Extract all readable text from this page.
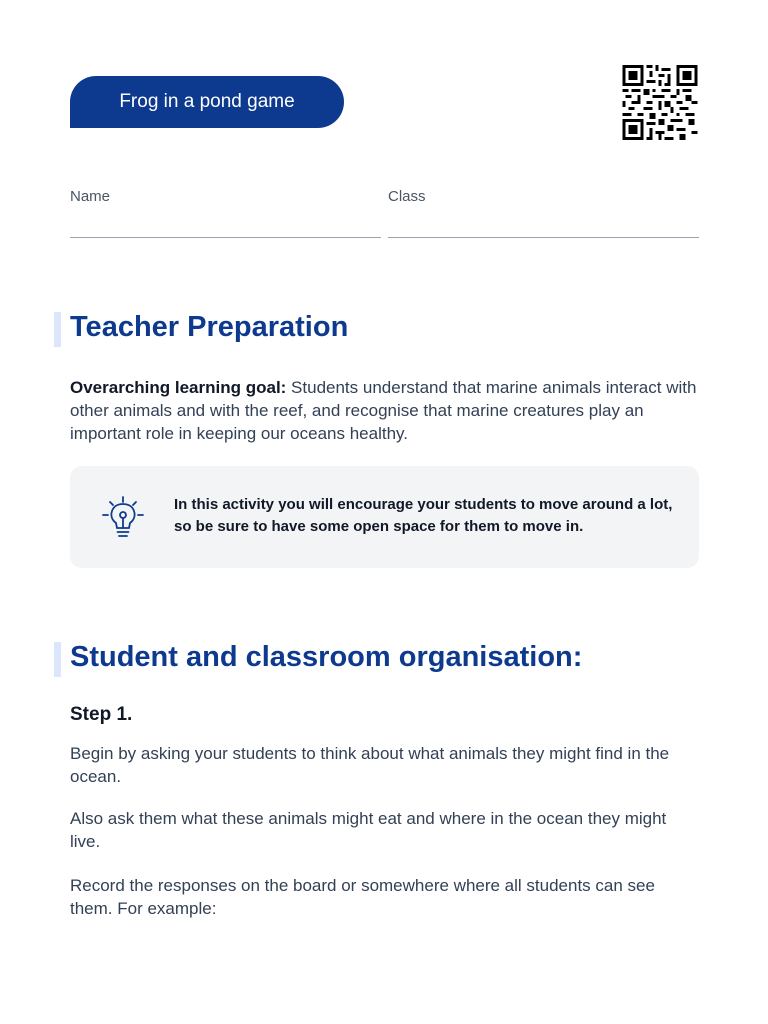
Frog in a pond game
Name	Class
Teacher Preparation

Overarching learning goal: Students understand that marine animals interact with other animals and with the reef, and recognise that marine creatures play an important role in keeping our oceans healthy.

In this activity you will encourage your students to move around a lot, so be sure to have some open space for them to move in.

Student and classroom organisation:
Step 1.

Begin by asking your students to think about what animals they might find in the ocean.

Also ask them what these animals might eat and where in the ocean they might live.

Record the responses on the board or somewhere where all students can see them. For example:
